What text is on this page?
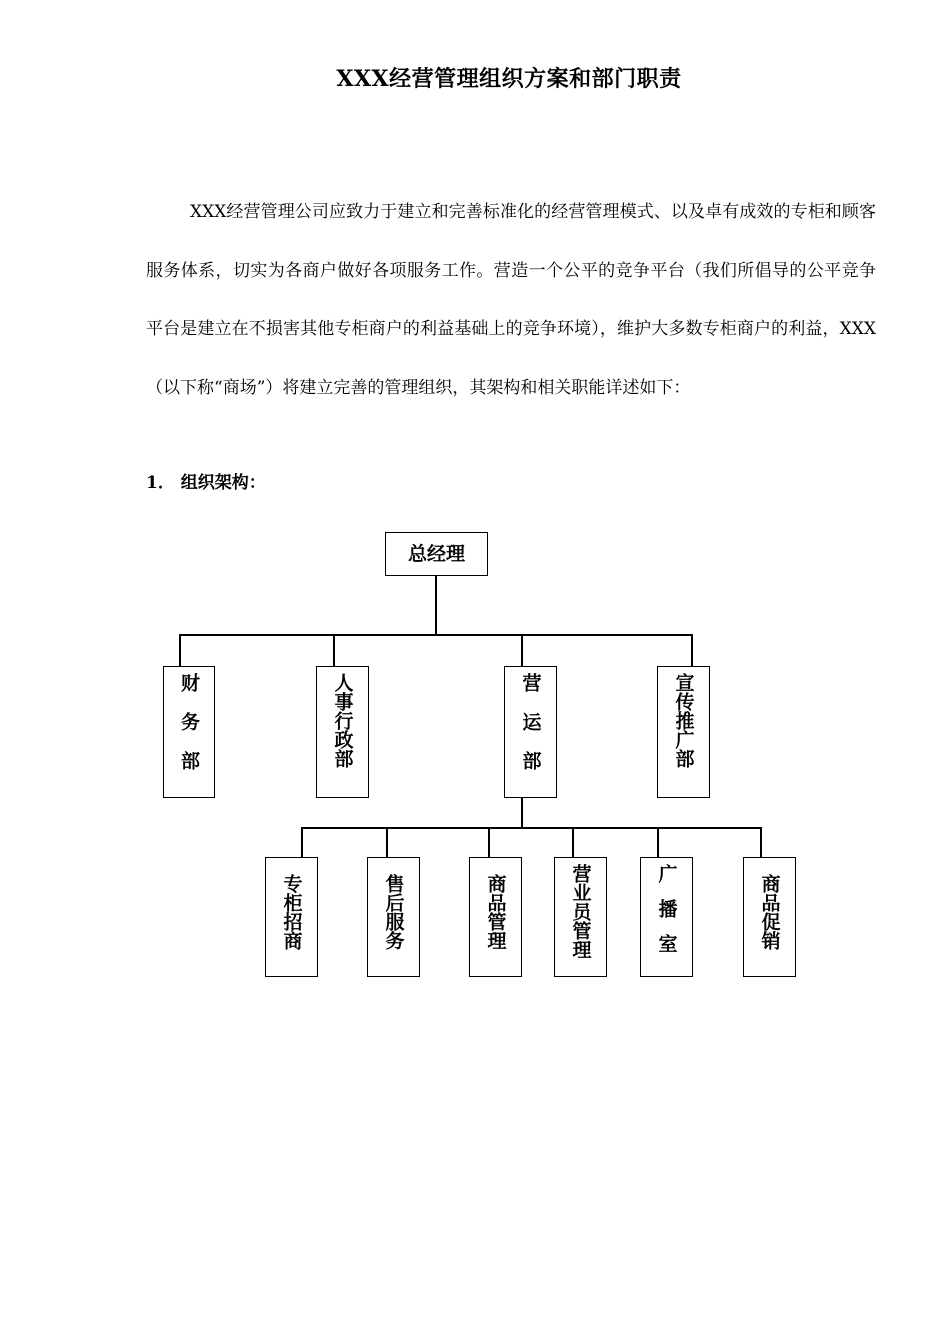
XXX经营管理组织方案和部门职责
XXX经营管理公司应致力于建立和完善标准化的经营管理模式、以及卓有成效的专柜和顾客服务体系，切实为各商户做好各项服务工作。营造一个公平的竞争平台（我们所倡导的公平竞争平台是建立在不损害其他专柜商户的利益基础上的竞争环境），维护大多数专柜商户的利益，XXX（以下称“商场”）将建立完善的管理组织，其架构和相关职能详述如下：
1． 组织架构：
总经理
财务部	人事行政部	营运部	宣传推广部
专柜招商	售后服务	商品管理	营业员管理	广播室	商品促销
